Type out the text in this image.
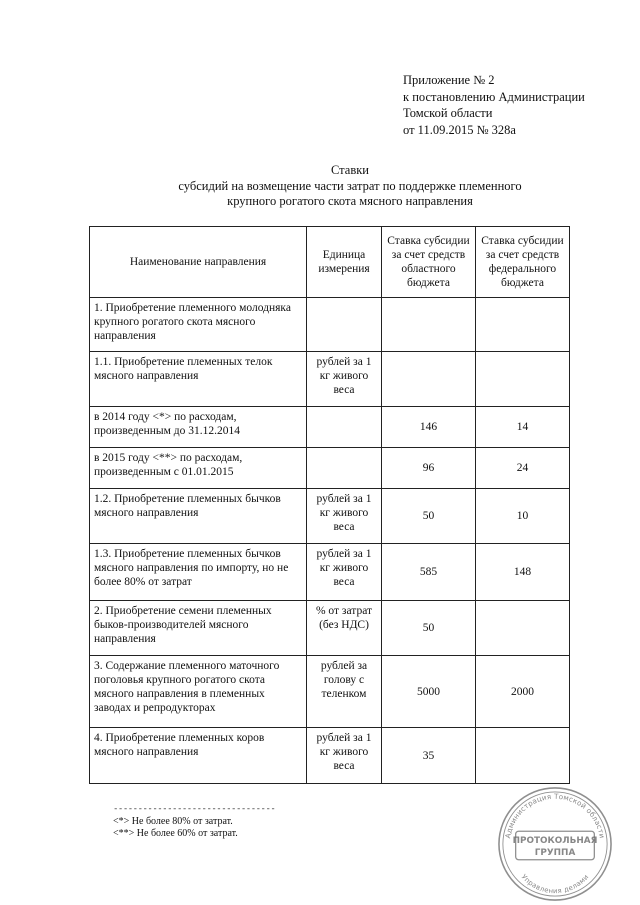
Приложение № 2
к постановлению Администрации
Томской области
от 11.09.2015 № 328а
Ставки
субсидий на возмещение части затрат по поддержке племенного
крупного рогатого скота мясного направления
Наименование направления	Единица измерения	Ставка субсидии за счет средств областного бюджета	Ставка субсидии за счет средств федерального бюджета
1. Приобретение племенного молодняка крупного рогатого скота мясного направления			
1.1. Приобретение племенных телок мясного направления	рублей за 1 кг живого веса		
в 2014 году <*> по расходам, произведенным до 31.12.2014		146	14
в 2015 году <**> по расходам, произведенным с 01.01.2015		96	24
1.2. Приобретение племенных бычков мясного направления	рублей за 1 кг живого веса	50	10
1.3. Приобретение племенных бычков мясного направления по импорту, но не более 80% от затрат	рублей за 1 кг живого веса	585	148
2. Приобретение семени племенных быков-производителей мясного направления	% от затрат (без НДС)	50	
3. Содержание племенного маточного поголовья крупного рогатого скота мясного направления в племенных заводах и репродукторах	рублей за голову с теленком	5000	2000
4. Приобретение племенных коров мясного направления	рублей за 1 кг живого веса	35	
---------------------------------
<*> Не более 80% от затрат.
<**> Не более 60% от затрат.	Администрация Томской области
ПРОТОКОЛЬНАЯ
ГРУППА
Управления делами
